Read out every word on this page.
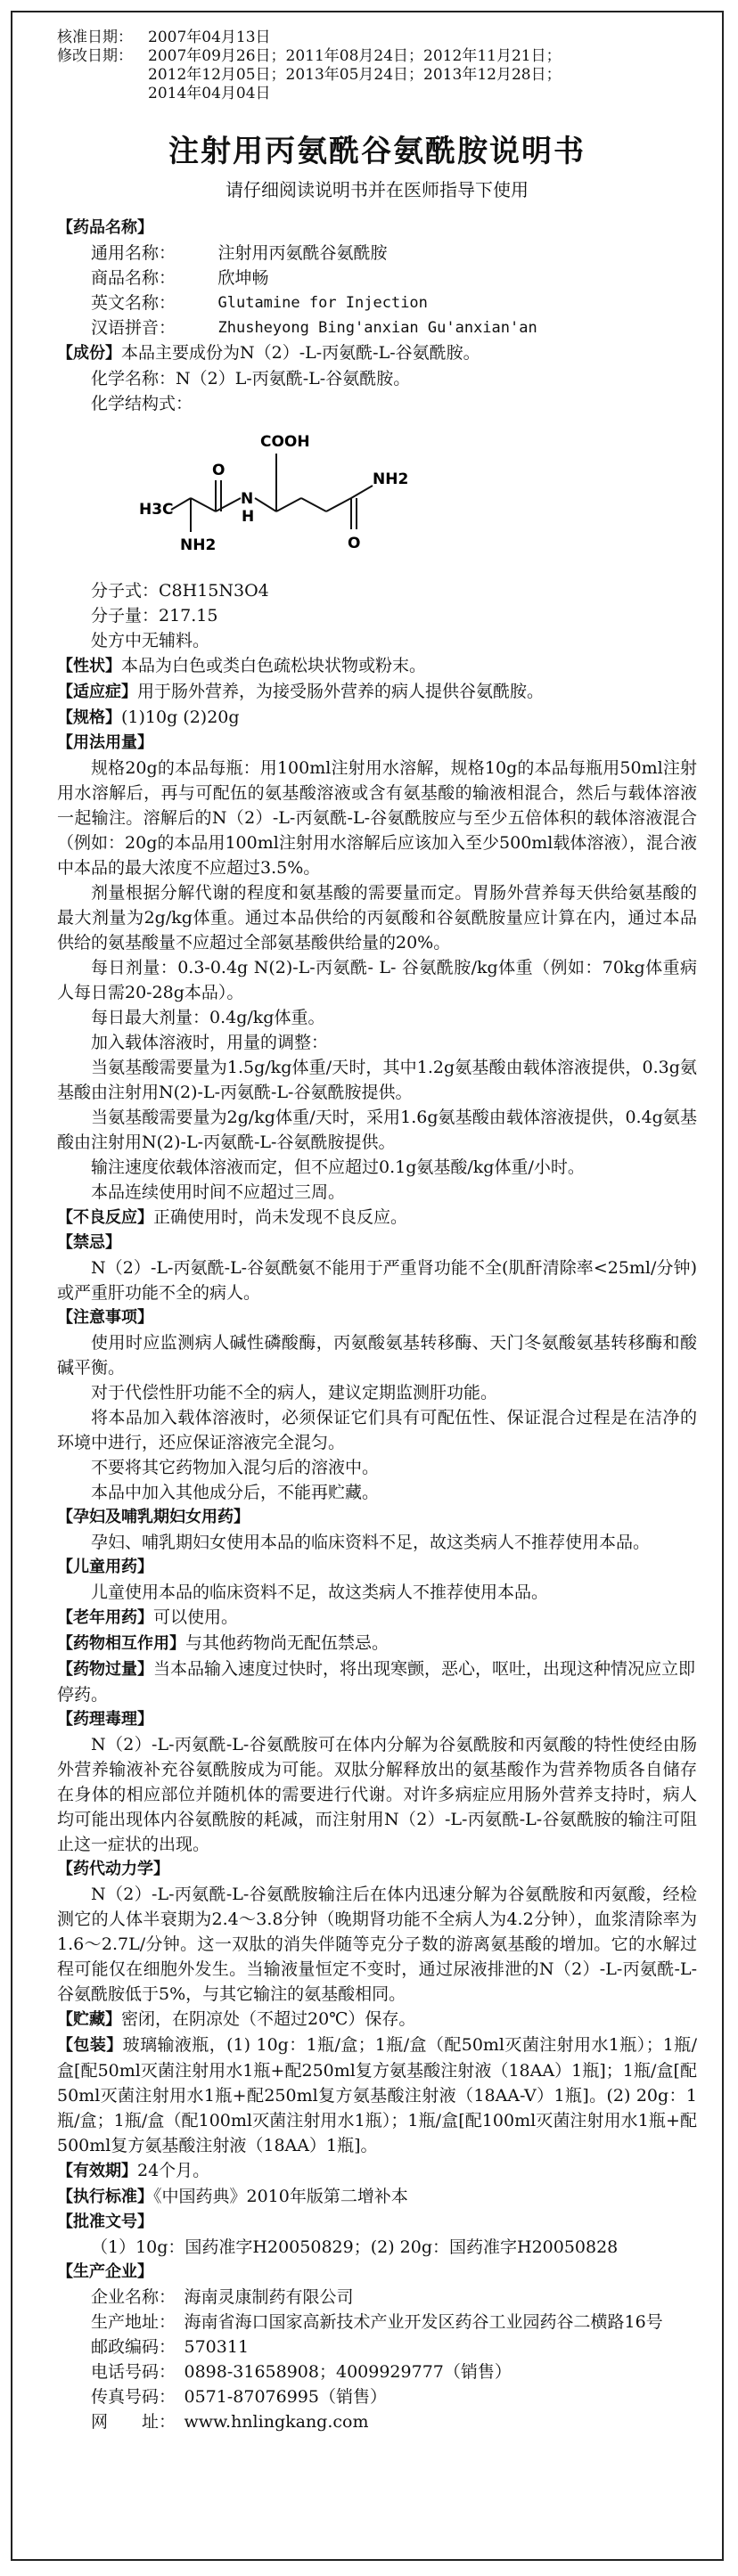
核准日期：	2007年04月13日
修改日期：	2007年09月26日；2011年08月24日；2012年11月21日；
2012年12月05日；2013年05月24日；2013年12月28日；
2014年04月04日
注射用丙氨酰谷氨酰胺说明书
请仔细阅读说明书并在医师指导下使用
【药品名称】
通用名称：	注射用丙氨酰谷氨酰胺
商品名称：	欣坤畅
英文名称：	Glutamine for Injection
汉语拼音：	Zhusheyong Bing'anxian Gu'anxian'an
【成份】本品主要成份为N（2）-L-丙氨酰-L-谷氨酰胺。
化学名称：N（2）L-丙氨酰-L-谷氨酰胺。
化学结构式：
H3C
NH2
O
N
H
COOH
NH2
O
分子式：C8H15N3O4
分子量：217.15
处方中无辅料。
【性状】本品为白色或类白色疏松块状物或粉末。
【适应症】用于肠外营养，为接受肠外营养的病人提供谷氨酰胺。
【规格】(1)10g (2)20g
【用法用量】
规格20g的本品每瓶：用100ml注射用水溶解，规格10g的本品每瓶用50ml注射用水溶解后，再与可配伍的氨基酸溶液或含有氨基酸的输液相混合，然后与载体溶液一起输注。溶解后的N（2）-L-丙氨酰-L-谷氨酰胺应与至少五倍体积的载体溶液混合（例如：20g的本品用100ml注射用水溶解后应该加入至少500ml载体溶液），混合液中本品的最大浓度不应超过3.5%。
剂量根据分解代谢的程度和氨基酸的需要量而定。胃肠外营养每天供给氨基酸的最大剂量为2g/kg体重。通过本品供给的丙氨酸和谷氨酰胺量应计算在内，通过本品供给的氨基酸量不应超过全部氨基酸供给量的20%。
每日剂量：0.3-0.4g N(2)-L-丙氨酰- L- 谷氨酰胺/kg体重（例如：70kg体重病人每日需20-28g本品）。
每日最大剂量：0.4g/kg体重。
加入载体溶液时，用量的调整：
当氨基酸需要量为1.5g/kg体重/天时，其中1.2g氨基酸由载体溶液提供，0.3g氨基酸由注射用N(2)-L-丙氨酰-L-谷氨酰胺提供。
当氨基酸需要量为2g/kg体重/天时，采用1.6g氨基酸由载体溶液提供，0.4g氨基酸由注射用N(2)-L-丙氨酰-L-谷氨酰胺提供。
输注速度依载体溶液而定，但不应超过0.1g氨基酸/kg体重/小时。
本品连续使用时间不应超过三周。
【不良反应】正确使用时，尚未发现不良反应。
【禁忌】
N（2）-L-丙氨酰-L-谷氨酰氨不能用于严重肾功能不全(肌酐清除率<25ml/分钟)或严重肝功能不全的病人。
【注意事项】
使用时应监测病人碱性磷酸酶，丙氨酸氨基转移酶、天门冬氨酸氨基转移酶和酸碱平衡。
对于代偿性肝功能不全的病人，建议定期监测肝功能。
将本品加入载体溶液时，必须保证它们具有可配伍性、保证混合过程是在洁净的环境中进行，还应保证溶液完全混匀。
不要将其它药物加入混匀后的溶液中。
本品中加入其他成分后，不能再贮藏。
【孕妇及哺乳期妇女用药】
孕妇、哺乳期妇女使用本品的临床资料不足，故这类病人不推荐使用本品。
【儿童用药】
儿童使用本品的临床资料不足，故这类病人不推荐使用本品。
【老年用药】可以使用。
【药物相互作用】与其他药物尚无配伍禁忌。
【药物过量】当本品输入速度过快时，将出现寒颤，恶心，呕吐，出现这种情况应立即停药。
【药理毒理】
N（2）-L-丙氨酰-L-谷氨酰胺可在体内分解为谷氨酰胺和丙氨酸的特性使经由肠外营养输液补充谷氨酰胺成为可能。双肽分解释放出的氨基酸作为营养物质各自储存在身体的相应部位并随机体的需要进行代谢。对许多病症应用肠外营养支持时，病人均可能出现体内谷氨酰胺的耗减，而注射用N（2）-L-丙氨酰-L-谷氨酰胺的输注可阻止这一症状的出现。
【药代动力学】
N（2）-L-丙氨酰-L-谷氨酰胺输注后在体内迅速分解为谷氨酰胺和丙氨酸，经检测它的人体半衰期为2.4～3.8分钟（晚期肾功能不全病人为4.2分钟），血浆清除率为1.6～2.7L/分钟。这一双肽的消失伴随等克分子数的游离氨基酸的增加。它的水解过程可能仅在细胞外发生。当输液量恒定不变时，通过尿液排泄的N（2）-L-丙氨酰-L-谷氨酰胺低于5%，与其它输注的氨基酸相同。
【贮藏】密闭，在阴凉处（不超过20℃）保存。
【包装】玻璃输液瓶，(1) 10g：1瓶/盒；1瓶/盒（配50ml灭菌注射用水1瓶）；1瓶/盒[配50ml灭菌注射用水1瓶+配250ml复方氨基酸注射液（18AA）1瓶]；1瓶/盒[配50ml灭菌注射用水1瓶+配250ml复方氨基酸注射液（18AA-V）1瓶]。(2) 20g：1瓶/盒；1瓶/盒（配100ml灭菌注射用水1瓶）；1瓶/盒[配100ml灭菌注射用水1瓶+配500ml复方氨基酸注射液（18AA）1瓶]。
【有效期】24个月。
【执行标准】《中国药典》2010年版第二增补本
【批准文号】
（1）10g：国药准字H20050829；(2) 20g：国药准字H20050828
【生产企业】
企业名称： 海南灵康制药有限公司
生产地址： 海南省海口国家高新技术产业开发区药谷工业园药谷二横路16号
邮政编码： 570311
电话号码： 0898-31658908；4009929777（销售）
传真号码： 0571-87076995（销售）
网　　址： www.hnlingkang.com
